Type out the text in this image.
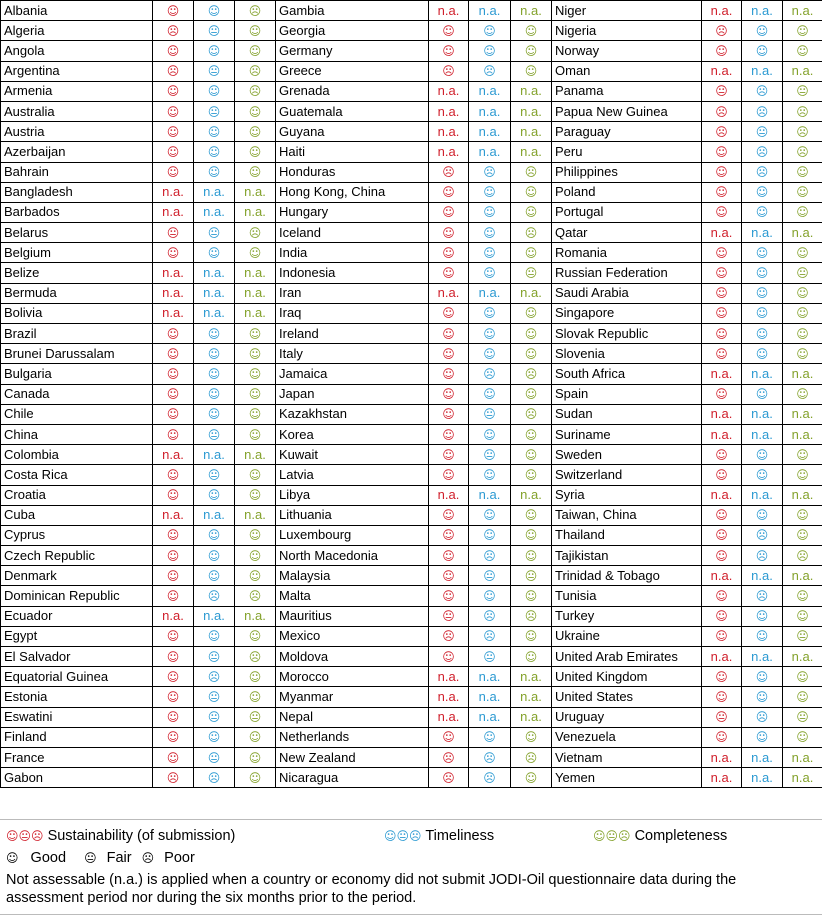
Albania	☺	☺	☹	Gambia	n.a.	n.a.	n.a.	Niger	n.a.	n.a.	n.a.
Algeria	☹	😐	☺	Georgia	☺	☺	☺	Nigeria	☹	☺	☺
Angola	☺	☺	☺	Germany	☺	☺	☺	Norway	☺	☺	☺
Argentina	☹	😐	☹	Greece	☹	☹	☺	Oman	n.a.	n.a.	n.a.
Armenia	☺	☺	☹	Grenada	n.a.	n.a.	n.a.	Panama	😐	☹	😐
Australia	☺	😐	☺	Guatemala	n.a.	n.a.	n.a.	Papua New Guinea	☹	☹	☹
Austria	☺	☺	☺	Guyana	n.a.	n.a.	n.a.	Paraguay	☹	😐	☹
Azerbaijan	☺	☺	☺	Haiti	n.a.	n.a.	n.a.	Peru	☺	☹	☹
Bahrain	☺	☺	☺	Honduras	☹	☹	☹	Philippines	☺	☹	☺
Bangladesh	n.a.	n.a.	n.a.	Hong Kong, China	☺	☺	☺	Poland	☺	☺	☺
Barbados	n.a.	n.a.	n.a.	Hungary	☺	☺	☺	Portugal	☺	☺	☺
Belarus	😐	😐	☹	Iceland	☺	☺	☹	Qatar	n.a.	n.a.	n.a.
Belgium	☺	☺	☺	India	☺	☺	☺	Romania	☺	☺	☺
Belize	n.a.	n.a.	n.a.	Indonesia	☺	☺	😐	Russian Federation	☺	☺	😐
Bermuda	n.a.	n.a.	n.a.	Iran	n.a.	n.a.	n.a.	Saudi Arabia	☺	☺	☺
Bolivia	n.a.	n.a.	n.a.	Iraq	☺	☺	☺	Singapore	☺	☺	☺
Brazil	☺	☺	☺	Ireland	☺	☺	☺	Slovak Republic	☺	☺	☺
Brunei Darussalam	☺	☺	☺	Italy	☺	☺	☺	Slovenia	☺	☺	☺
Bulgaria	☺	☺	☺	Jamaica	☺	☹	☹	South Africa	n.a.	n.a.	n.a.
Canada	☺	☺	☺	Japan	☺	☺	☺	Spain	☺	☺	☺
Chile	☺	☺	☺	Kazakhstan	☺	😐	☹	Sudan	n.a.	n.a.	n.a.
China	☺	😐	☺	Korea	☺	☺	☺	Suriname	n.a.	n.a.	n.a.
Colombia	n.a.	n.a.	n.a.	Kuwait	☺	😐	☺	Sweden	☺	☺	☺
Costa Rica	☺	😐	☺	Latvia	☺	☺	☺	Switzerland	☺	☺	☺
Croatia	☺	☺	☺	Libya	n.a.	n.a.	n.a.	Syria	n.a.	n.a.	n.a.
Cuba	n.a.	n.a.	n.a.	Lithuania	☺	☺	☺	Taiwan, China	☺	☺	☺
Cyprus	☺	☺	☺	Luxembourg	☺	☺	☺	Thailand	☺	☹	☺
Czech Republic	☺	☺	☺	North Macedonia	☺	☹	☺	Tajikistan	☺	☹	☹
Denmark	☺	☺	☺	Malaysia	☺	😐	😐	Trinidad & Tobago	n.a.	n.a.	n.a.
Dominican Republic	☺	☹	☹	Malta	☺	☺	☺	Tunisia	☺	☹	☺
Ecuador	n.a.	n.a.	n.a.	Mauritius	😐	☹	☹	Turkey	☺	☺	☺
Egypt	☺	☺	☺	Mexico	☹	☹	☺	Ukraine	☺	☺	😐
El Salvador	☺	😐	☹	Moldova	☺	😐	☺	United Arab Emirates	n.a.	n.a.	n.a.
Equatorial Guinea	☺	☹	☺	Morocco	n.a.	n.a.	n.a.	United Kingdom	☺	☺	☺
Estonia	☺	😐	☺	Myanmar	n.a.	n.a.	n.a.	United States	☺	☺	☺
Eswatini	☺	😐	😐	Nepal	n.a.	n.a.	n.a.	Uruguay	😐	☹	😐
Finland	☺	☺	☺	Netherlands	☺	☺	☺	Venezuela	☺	☺	☺
France	☺	😐	☺	New Zealand	☹	☹	☹	Vietnam	n.a.	n.a.	n.a.
Gabon	☹	☹	☺	Nicaragua	☹	☹	☺	Yemen	n.a.	n.a.	n.a.
☺😐☹ Sustainability (of submission)	☺😐☹ Timeliness	☺😐☹ Completeness
☺ Good 😐 Fair ☹ Poor
Not assessable (n.a.) is applied when a country or economy did not submit JODI-Oil questionnaire data during the assessment period nor during the six months prior to the period.
